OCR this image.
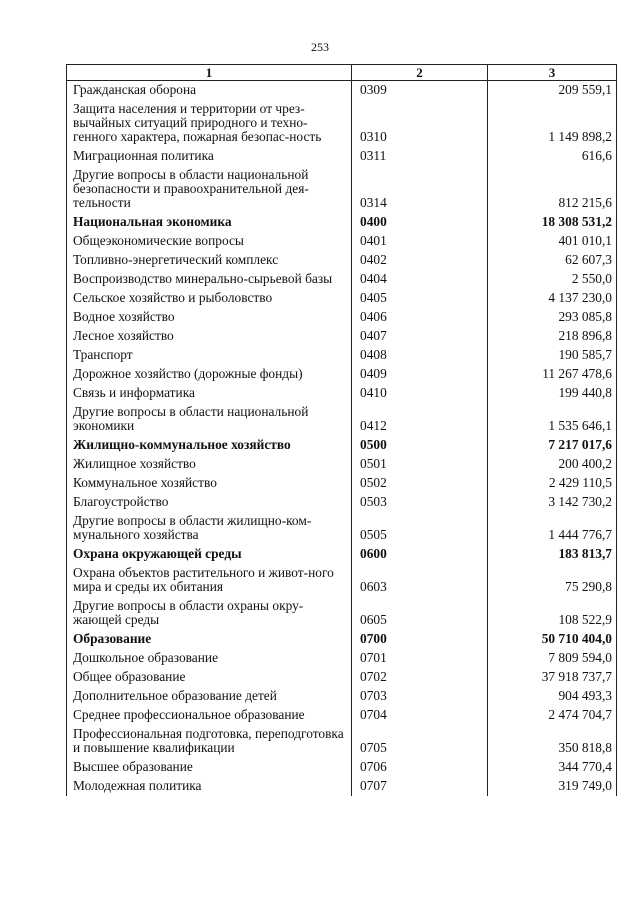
253
1	2	3
Гражданская оборона	0309	209 559,1
Защита населения и территории от чрез-вычайных ситуаций природного и техно-генного характера, пожарная безопас-ность	0310	1 149 898,2
Миграционная политика	0311	616,6
Другие вопросы в области национальной безопасности и правоохранительной дея-тельности	0314	812 215,6
Национальная экономика	0400	18 308 531,2
Общеэкономические вопросы	0401	401 010,1
Топливно-энергетический комплекс	0402	62 607,3
Воспроизводство минерально-сырьевой базы	0404	2 550,0
Сельское хозяйство и рыболовство	0405	4 137 230,0
Водное хозяйство	0406	293 085,8
Лесное хозяйство	0407	218 896,8
Транспорт	0408	190 585,7
Дорожное хозяйство (дорожные фонды)	0409	11 267 478,6
Связь и информатика	0410	199 440,8
Другие вопросы в области национальной экономики	0412	1 535 646,1
Жилищно-коммунальное хозяйство	0500	7 217 017,6
Жилищное хозяйство	0501	200 400,2
Коммунальное хозяйство	0502	2 429 110,5
Благоустройство	0503	3 142 730,2
Другие вопросы в области жилищно-ком-мунального хозяйства	0505	1 444 776,7
Охрана окружающей среды	0600	183 813,7
Охрана объектов растительного и живот-ного мира и среды их обитания	0603	75 290,8
Другие вопросы в области охраны окру-жающей среды	0605	108 522,9
Образование	0700	50 710 404,0
Дошкольное образование	0701	7 809 594,0
Общее образование	0702	37 918 737,7
Дополнительное образование детей	0703	904 493,3
Среднее профессиональное образование	0704	2 474 704,7
Профессиональная подготовка, переподготовка и повышение квалификации	0705	350 818,8
Высшее образование	0706	344 770,4
Молодежная политика	0707	319 749,0
